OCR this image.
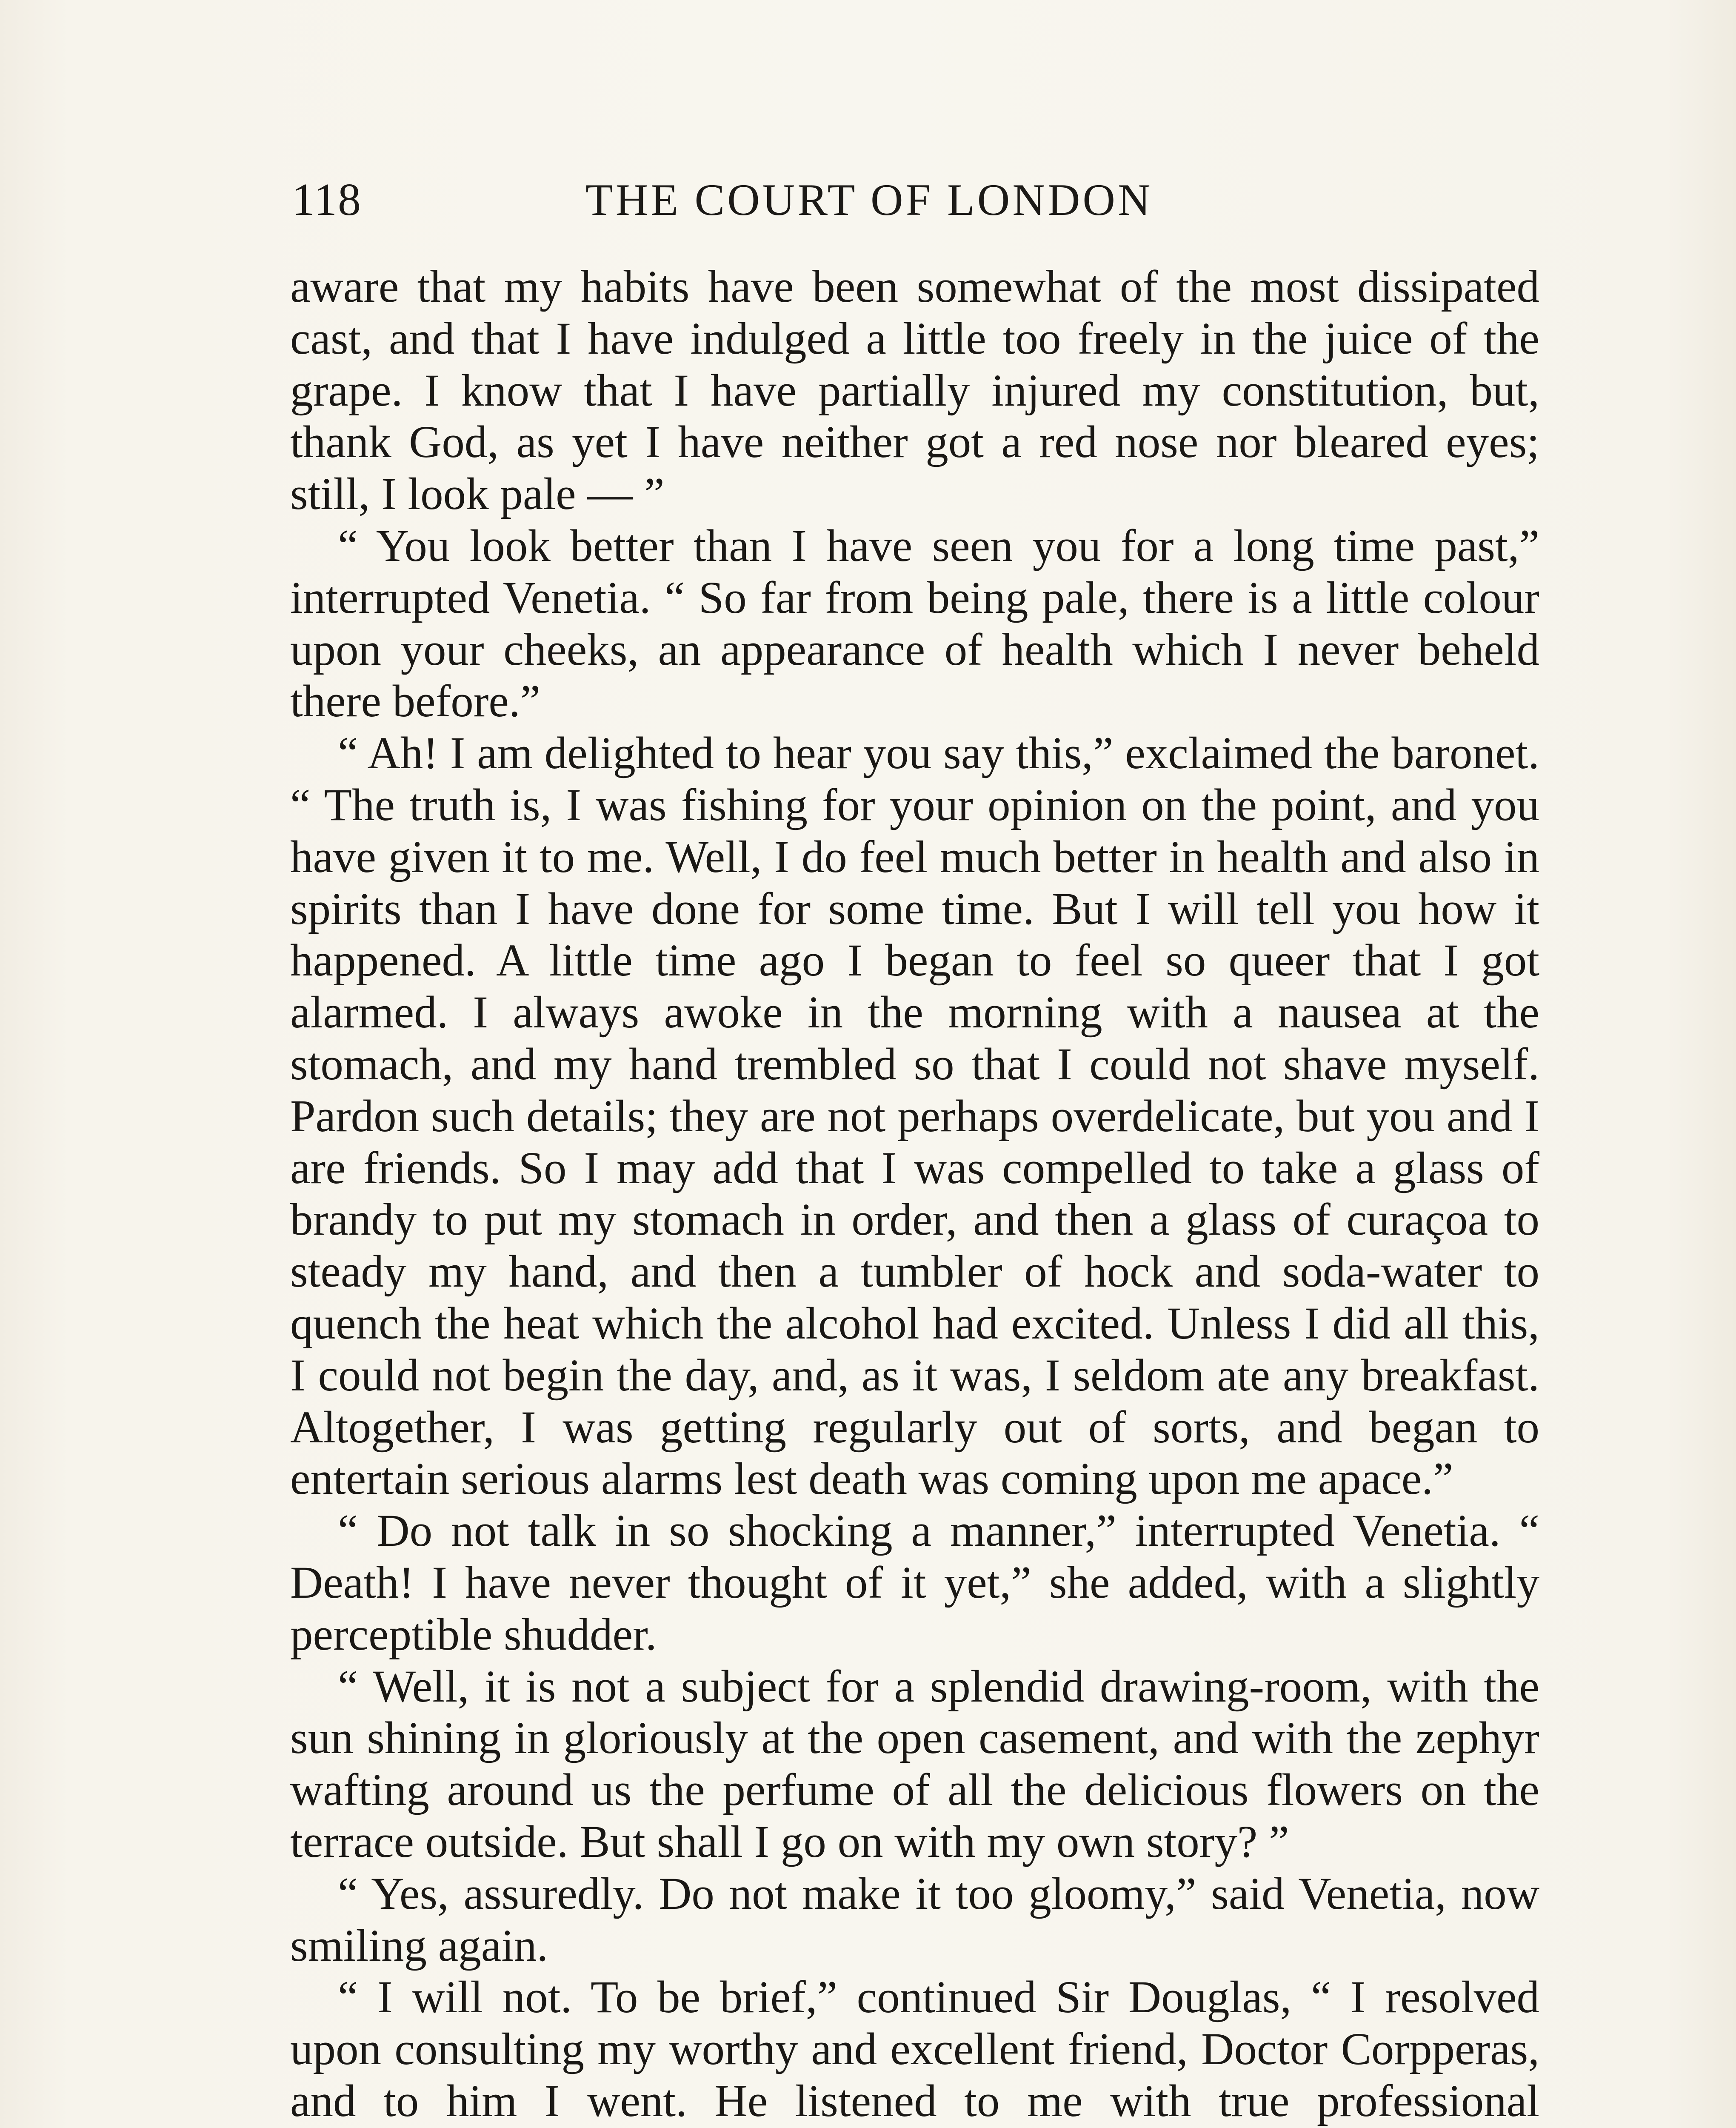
118	THE COURT OF LONDON

aware that my habits have been somewhat of the most dissipated cast, and that I have indulged a little too freely in the juice of the grape. I know that I have partially injured my constitution, but, thank God, as yet I have neither got a red nose nor bleared eyes; still, I look pale — ”

“ You look better than I have seen you for a long time past,” interrupted Venetia. “ So far from being pale, there is a little colour upon your cheeks, an appearance of health which I never beheld there before.”

“ Ah! I am delighted to hear you say this,” exclaimed the baronet. “ The truth is, I was fishing for your opinion on the point, and you have given it to me. Well, I do feel much better in health and also in spirits than I have done for some time. But I will tell you how it happened. A little time ago I began to feel so queer that I got alarmed. I always awoke in the morning with a nausea at the stomach, and my hand trembled so that I could not shave myself. Pardon such details; they are not perhaps overdelicate, but you and I are friends. So I may add that I was compelled to take a glass of brandy to put my stomach in order, and then a glass of curaçoa to steady my hand, and then a tumbler of hock and soda-water to quench the heat which the alcohol had excited. Unless I did all this, I could not begin the day, and, as it was, I seldom ate any breakfast. Altogether, I was getting regularly out of sorts, and began to entertain serious alarms lest death was coming upon me apace.”

“ Do not talk in so shocking a manner,” interrupted Venetia. “ Death! I have never thought of it yet,” she added, with a slightly perceptible shudder.

“ Well, it is not a subject for a splendid drawing-room, with the sun shining in gloriously at the open casement, and with the zephyr wafting around us the perfume of all the delicious flowers on the terrace outside. But shall I go on with my own story? ”

“ Yes, assuredly. Do not make it too gloomy,” said Venetia, now smiling again.

“ I will not. To be brief,” continued Sir Douglas, “ I resolved upon consulting my worthy and excellent friend, Doctor Corpperas, and to him I went. He listened to me with true professional
